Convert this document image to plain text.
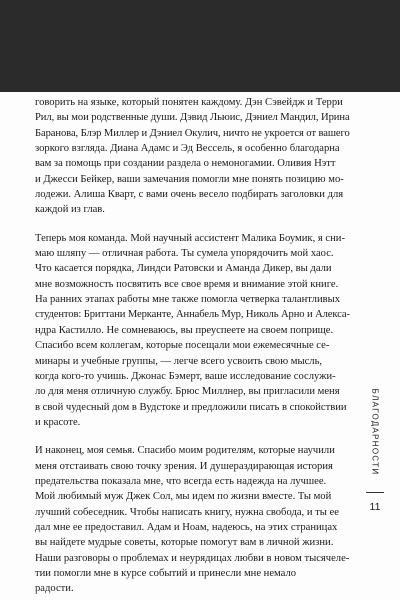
говорить на языке, который понятен каждому. Дэн Сэвейдж и Терри
Рил, вы мои родственные души. Дэвид Льюис, Дэниел Мандил, Ирина
Баранова, Блэр Миллер и Дэниел Окулич, ничто не укроется от вашего
зоркого взгляда. Диана Адамс и Эд Вессель, я особенно благодарна
вам за помощь при создании раздела о немоногамии. Оливия Нэтт
и Джесси Бейкер, ваши замечания помогли мне понять позицию мо-
лодежи. Алиша Кварт, с вами очень весело подбирать заголовки для
каждой из глав.

Теперь моя команда. Мой научный ассистент Малика Боумик, я сни-
маю шляпу — отличная работа. Ты сумела упорядочить мой хаос.
Что касается порядка, Линдси Ратовски и Аманда Дикер, вы дали
мне возможность посвятить все свое время и внимание этой книге.
На ранних этапах работы мне также помогла четверка талантливых
студентов: Бриттани Мерканте, Аннабель Мур, Николь Арно и Алекса-
ндра Кастилло. Не сомневаюсь, вы преуспеете на своем поприще.
Спасибо всем коллегам, которые посещали мои ежемесячные се-
минары и учебные группы, — легче всего усвоить свою мысль,
когда кого-то учишь. Джонас Бэмерт, ваше исследование сослужи-
ло для меня отличную службу. Брюс Миллнер, вы пригласили меня
в свой чудесный дом в Вудстоке и предложили писать в спокойствии
и красоте.

И наконец, моя семья. Спасибо моим родителям, которые научили
меня отстаивать свою точку зрения. И душераздирающая история
предательства показала мне, что всегда есть надежда на лучшее.
Мой любимый муж Джек Сол, мы идем по жизни вместе. Ты мой
лучший собеседник. Чтобы написать книгу, нужна свобода, и ты ее
дал мне ее предоставил. Адам и Ноам, надеюсь, на этих страницах
вы найдете мудрые советы, которые помогут вам в личной жизни.
Наши разговоры о проблемах и неурядицах любви в новом тысячеле-
тии помогли мне в курсе событий и принесли мне немало
радости.

БЛАГОДАРНОСТИ
11
